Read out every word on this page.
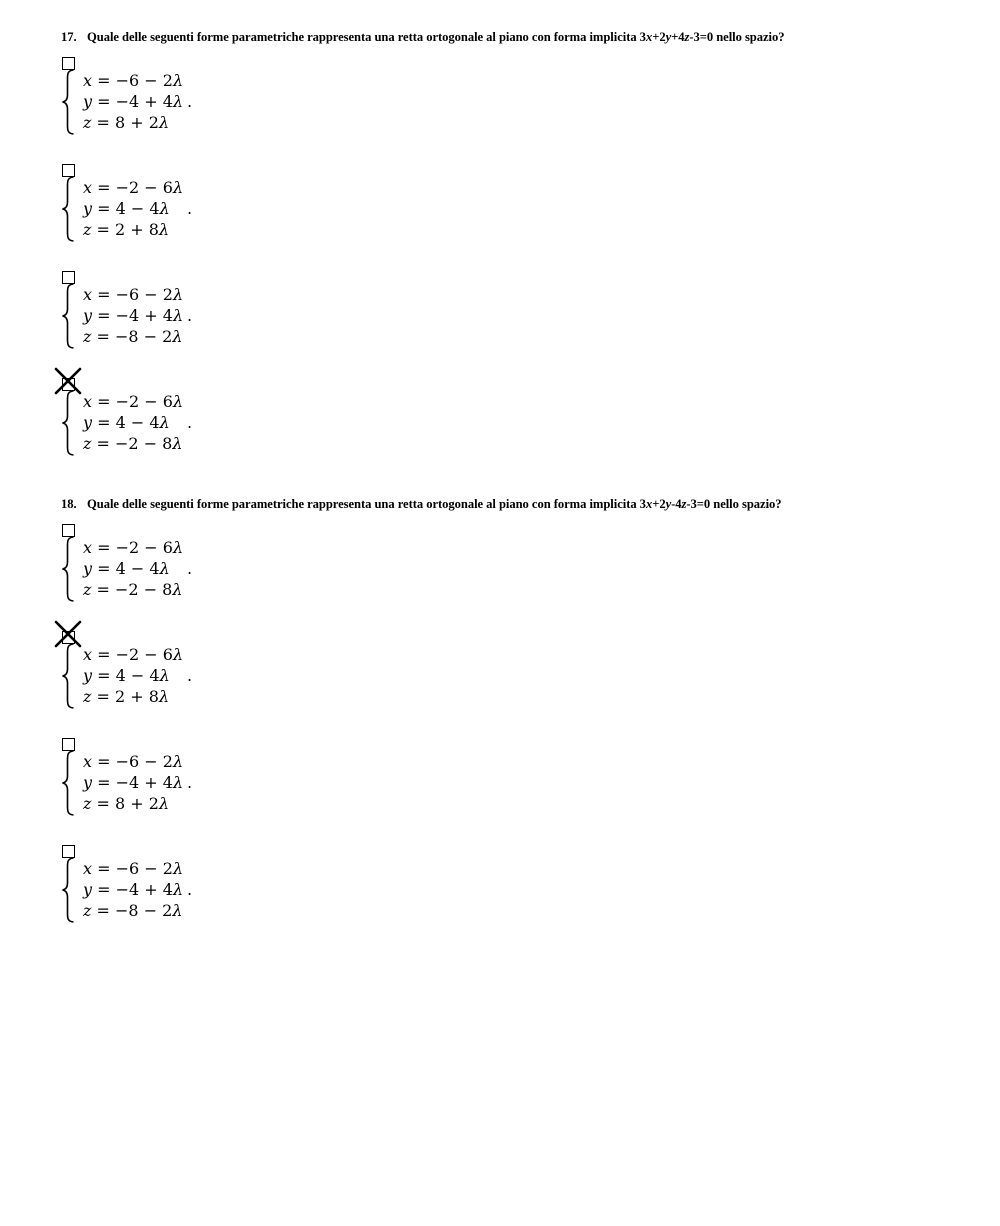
17. Quale delle seguenti forme parametriche rappresenta una retta ortogonale al piano con forma implicita 3x+2y+4z-3=0 nello spazio?
x = −6 − 2λ
y = −4 + 4λ
z = 8 + 2λ
.
x = −2 − 6λ
y = 4 − 4λ
z = 2 + 8λ
.
x = −6 − 2λ
y = −4 + 4λ
z = −8 − 2λ
.
x = −2 − 6λ
y = 4 − 4λ
z = −2 − 8λ
.
18. Quale delle seguenti forme parametriche rappresenta una retta ortogonale al piano con forma implicita 3x+2y-4z-3=0 nello spazio?
x = −2 − 6λ
y = 4 − 4λ
z = −2 − 8λ
.
x = −2 − 6λ
y = 4 − 4λ
z = 2 + 8λ
.
x = −6 − 2λ
y = −4 + 4λ
z = 8 + 2λ
.
x = −6 − 2λ
y = −4 + 4λ
z = −8 − 2λ
.
